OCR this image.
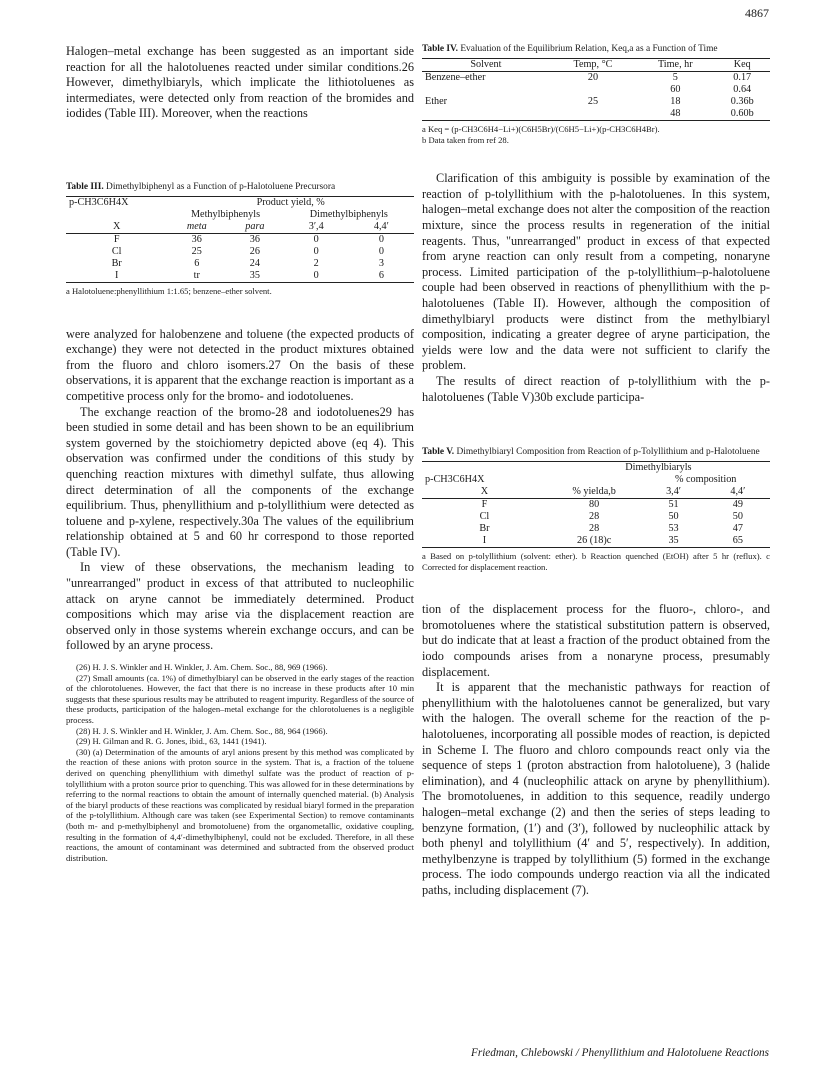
4867

Halogen–metal exchange has been suggested as an important side reaction for all the halotoluenes reacted under similar conditions.26 However, dimethylbiaryls, which implicate the lithiotoluenes as intermediates, were detected only from reaction of the bromides and iodides (Table III). Moreover, when the reactions

Table III. Dimethylbiphenyl as a Function of p-Halotoluene Precursora
p-CH3C6H4X	Product yield, %			
	Methylbiphenyls		Dimethylbiphenyls	
X	meta	para	3′,4	4,4′
F	36	36	0	0
Cl	25	26	0	0
Br	6	24	2	3
I	tr	35	0	6

a Halotoluene:phenyllithium 1:1.65; benzene–ether solvent.

were analyzed for halobenzene and toluene (the expected products of exchange) they were not detected in the product mixtures obtained from the fluoro and chloro isomers.27 On the basis of these observations, it is apparent that the exchange reaction is important as a competitive process only for the bromo- and iodotoluenes.

The exchange reaction of the bromo-28 and iodotoluenes29 has been studied in some detail and has been shown to be an equilibrium system governed by the stoichiometry depicted above (eq 4). This observation was confirmed under the conditions of this study by quenching reaction mixtures with dimethyl sulfate, thus allowing direct determination of all the components of the exchange equilibrium. Thus, phenyllithium and p-tolyllithium were detected as toluene and p-xylene, respectively.30a The values of the equilibrium relationship obtained at 5 and 60 hr correspond to those reported (Table IV).

In view of these observations, the mechanism leading to "unrearranged" product in excess of that attributed to nucleophilic attack on aryne cannot be immediately determined. Product compositions which may arise via the displacement reaction are observed only in those systems wherein exchange occurs, and can be followed by an aryne process.

(26) H. J. S. Winkler and H. Winkler, J. Am. Chem. Soc., 88, 969 (1966).

(27) Small amounts (ca. 1%) of dimethylbiaryl can be observed in the early stages of the reaction of the chlorotoluenes. However, the fact that there is no increase in these products after 10 min suggests that these spurious results may be attributed to reagent impurity. Regardless of the source of these products, participation of the halogen–metal exchange for the chlorotoluenes is a negligible process.

(28) H. J. S. Winkler and H. Winkler, J. Am. Chem. Soc., 88, 964 (1966).

(29) H. Gilman and R. G. Jones, ibid., 63, 1441 (1941).

(30) (a) Determination of the amounts of aryl anions present by this method was complicated by the reaction of these anions with proton source in the system. That is, a fraction of the toluene derived on quenching phenyllithium with dimethyl sulfate was the product of reaction of p-tolyllithium with a proton source prior to quenching. This was allowed for in these determinations by referring to the normal reactions to obtain the amount of internally quenched material. (b) Analysis of the biaryl products of these reactions was complicated by residual biaryl formed in the preparation of the p-tolyllithium. Although care was taken (see Experimental Section) to remove contaminants (both m- and p-methylbiphenyl and bromotoluene) from the organometallic, oxidative coupling, resulting in the formation of 4,4′-dimethylbiphenyl, could not be excluded. Therefore, in all these reactions, the amount of contaminant was determined and subtracted from the observed product distribution.

Table IV. Evaluation of the Equilibrium Relation, Keq,a as a Function of Time
Solvent	Temp, °C	Time, hr	Keq
Benzene–ether	20	5	0.17
		60	0.64
Ether	25	18	0.36b
		48	0.60b

a Keq = (p-CH3C6H4−Li+)(C6H5Br)/(C6H5−Li+)(p-CH3C6H4Br).

b Data taken from ref 28.

Clarification of this ambiguity is possible by examination of the reaction of p-tolyllithium with the p-halotoluenes. In this system, halogen–metal exchange does not alter the composition of the reaction mixture, since the process results in regeneration of the initial reagents. Thus, "unrearranged" product in excess of that expected from aryne reaction can only result from a competing, nonaryne process. Limited participation of the p-tolyllithium–p-halotoluene couple had been observed in reactions of phenyllithium with the p-halotoluenes (Table II). However, although the composition of dimethylbiaryl products were distinct from the methylbiaryl composition, indicating a greater degree of aryne participation, the yields were low and the data were not sufficient to clarify the problem.

The results of direct reaction of p-tolyllithium with the p-halotoluenes (Table V)30b exclude participa-

Table V. Dimethylbiaryl Composition from Reaction of p-Tolyllithium and p-Halotoluene
	Dimethylbiaryls		
p-CH3C6H4X		% composition	
X	% yielda,b	3,4′	4,4′
F	80	51	49
Cl	28	50	50
Br	28	53	47
I	26 (18)c	35	65

a Based on p-tolyllithium (solvent: ether). b Reaction quenched (EtOH) after 5 hr (reflux). c Corrected for displacement reaction.

tion of the displacement process for the fluoro-, chloro-, and bromotoluenes where the statistical substitution pattern is observed, but do indicate that at least a fraction of the product obtained from the iodo compounds arises from a nonaryne process, presumably displacement.

It is apparent that the mechanistic pathways for reaction of phenyllithium with the halotoluenes cannot be generalized, but vary with the halogen. The overall scheme for the reaction of the p-halotoluenes, incorporating all possible modes of reaction, is depicted in Scheme I. The fluoro and chloro compounds react only via the sequence of steps 1 (proton abstraction from halotoluene), 3 (halide elimination), and 4 (nucleophilic attack on aryne by phenyllithium). The bromotoluenes, in addition to this sequence, readily undergo halogen–metal exchange (2) and then the series of steps leading to benzyne formation, (1′) and (3′), followed by nucleophilic attack by both phenyl and tolyllithium (4′ and 5′, respectively). In addition, methylbenzyne is trapped by tolyllithium (5) formed in the exchange process. The iodo compounds undergo reaction via all the indicated paths, including displacement (7).

Friedman, Chlebowski / Phenyllithium and Halotoluene Reactions
